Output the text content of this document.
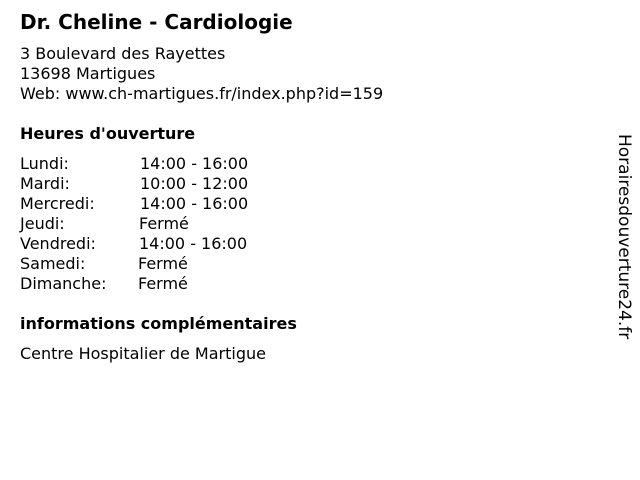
Dr. Cheline - Cardiologie
3 Boulevard des Rayettes
13698 Martigues
Web: www.ch-martigues.fr/index.php?id=159
Heures d'ouverture
Lundi:	14:00 - 16:00
Mardi:	10:00 - 12:00
Mercredi:	14:00 - 16:00
Jeudi:	Fermé
Vendredi:	14:00 - 16:00
Samedi:	Fermé
Dimanche: Fermé
informations complémentaires
Centre Hospitalier de Martigue
Horairesdouverture24.fr
